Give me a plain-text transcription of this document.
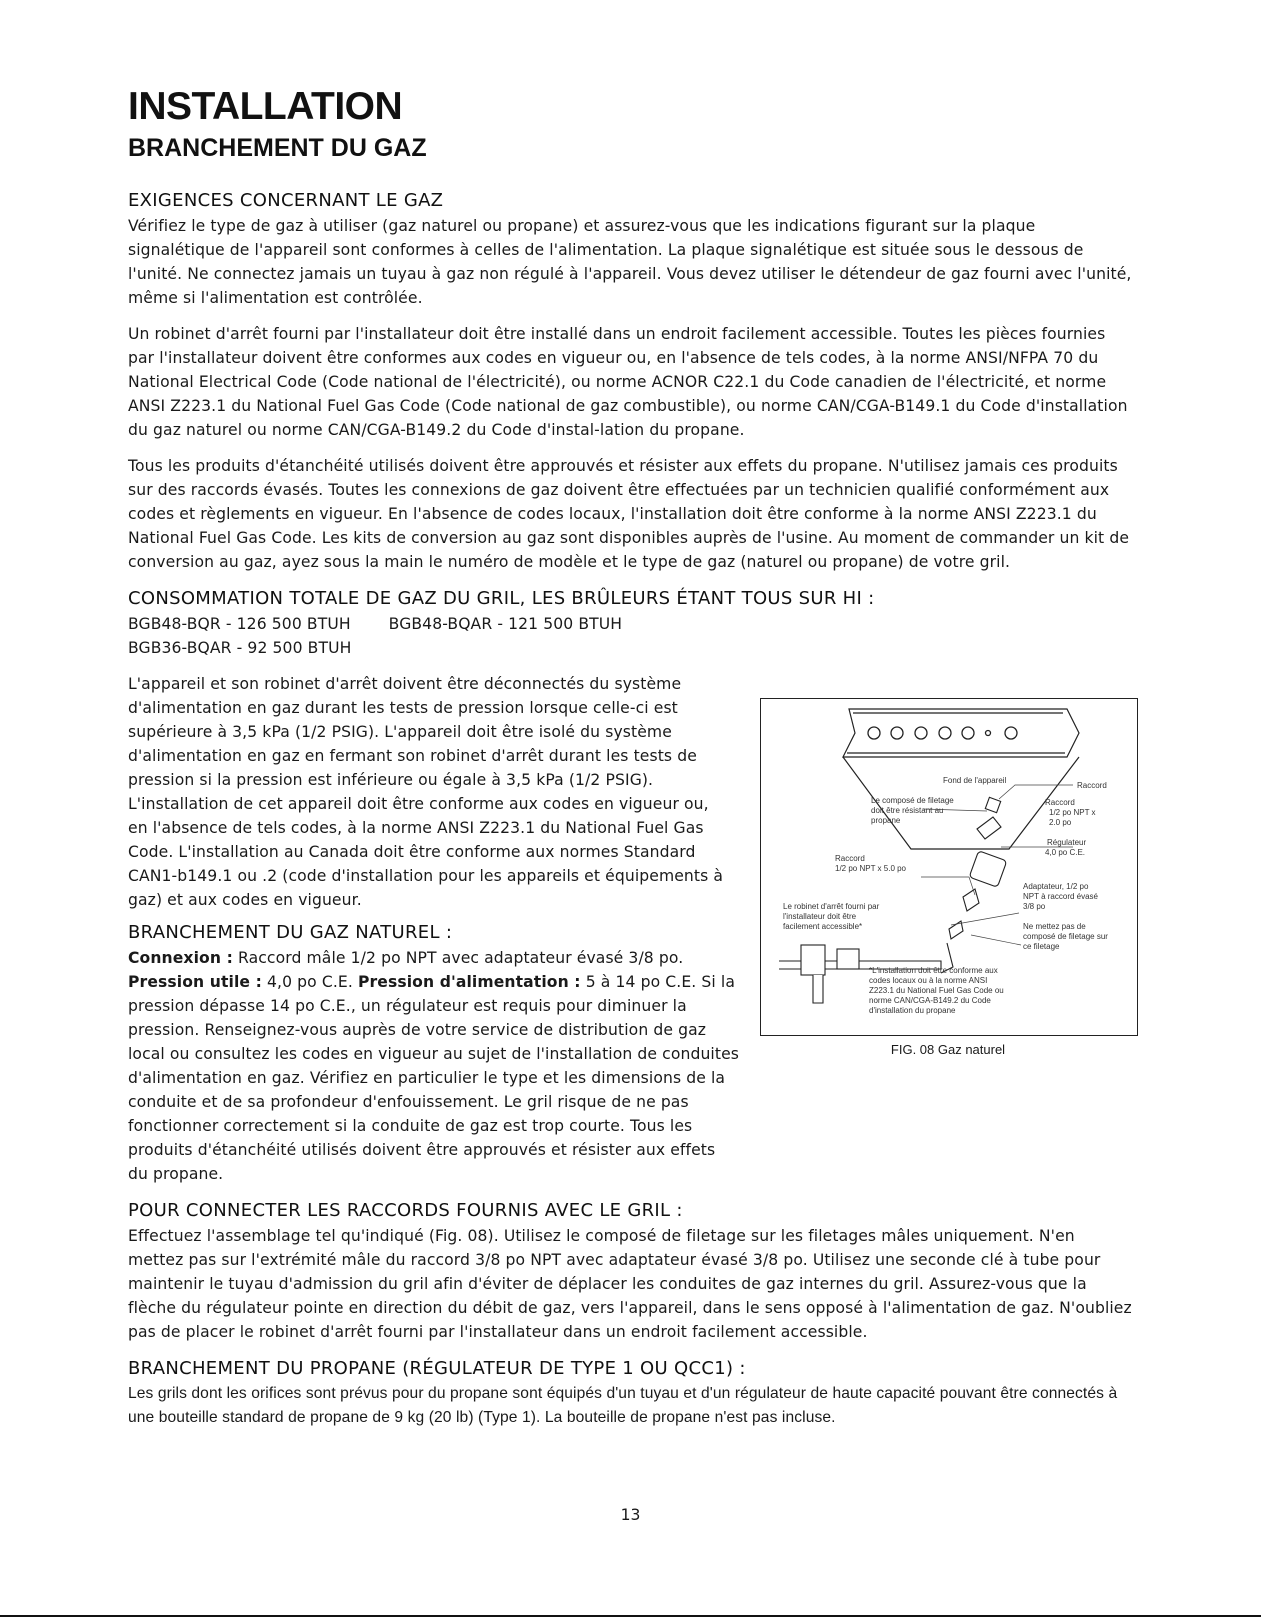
INSTALLATION
BRANCHEMENT DU GAZ
EXIGENCES CONCERNANT LE GAZ

Vérifiez le type de gaz à utiliser (gaz naturel ou propane) et assurez-vous que les indications figurant sur la plaque signalétique de l'appareil sont conformes à celles de l'alimentation. La plaque signalétique est située sous le dessous de l'unité. Ne connectez jamais un tuyau à gaz non régulé à l'appareil. Vous devez utiliser le détendeur de gaz fourni avec l'unité, même si l'alimentation est contrôlée.

Un robinet d'arrêt fourni par l'installateur doit être installé dans un endroit facilement accessible. Toutes les pièces fournies par l'installateur doivent être conformes aux codes en vigueur ou, en l'absence de tels codes, à la norme ANSI/NFPA 70 du National Electrical Code (Code national de l'électricité), ou norme ACNOR C22.1 du Code canadien de l'électricité, et norme ANSI Z223.1 du National Fuel Gas Code (Code national de gaz combustible), ou norme CAN/CGA-B149.1 du Code d'installation du gaz naturel ou norme CAN/CGA-B149.2 du Code d'instal-lation du propane.

Tous les produits d'étanchéité utilisés doivent être approuvés et résister aux effets du propane. N'utilisez jamais ces produits sur des raccords évasés. Toutes les connexions de gaz doivent être effectuées par un technicien qualifié conformément aux codes et règlements en vigueur. En l'absence de codes locaux, l'installation doit être conforme à la norme ANSI Z223.1 du National Fuel Gas Code. Les kits de conversion au gaz sont disponibles auprès de l'usine. Au moment de commander un kit de conversion au gaz, ayez sous la main le numéro de modèle et le type de gaz (naturel ou propane) de votre gril.

CONSOMMATION TOTALE DE GAZ DU GRIL, LES BRÛLEURS ÉTANT TOUS SUR HI :

BGB48-BQR - 126 500 BTUH BGB48-BQAR - 121 500 BTUH

BGB36-BQAR - 92 500 BTUH

L'appareil et son robinet d'arrêt doivent être déconnectés du système d'alimentation en gaz durant les tests de pression lorsque celle-ci est supérieure à 3,5 kPa (1/2 PSIG). L'appareil doit être isolé du système d'alimentation en gaz en fermant son robinet d'arrêt durant les tests de pression si la pression est inférieure ou égale à 3,5 kPa (1/2 PSIG). L'installation de cet appareil doit être conforme aux codes en vigueur ou, en l'absence de tels codes, à la norme ANSI Z223.1 du National Fuel Gas Code. L'installation au Canada doit être conforme aux normes Standard CAN1-b149.1 ou .2 (code d'installation pour les appareils et équipements à gaz) et aux codes en vigueur.

BRANCHEMENT DU GAZ NATUREL :

Connexion : Raccord mâle 1/2 po NPT avec adaptateur évasé 3/8 po. Pression utile : 4,0 po C.E. Pression d'alimentation : 5 à 14 po C.E. Si la pression dépasse 14 po C.E., un régulateur est requis pour diminuer la pression. Renseignez-vous auprès de votre service de distribution de gaz local ou consultez les codes en vigueur au sujet de l'installation de conduites d'alimentation en gaz. Vérifiez en particulier le type et les dimensions de la conduite et de sa profondeur d'enfouissement. Le gril risque de ne pas fonctionner correctement si la conduite de gaz est trop courte. Tous les produits d'étanchéité utilisés doivent être approuvés et résister aux effets du propane.

POUR CONNECTER LES RACCORDS FOURNIS AVEC LE GRIL :

Effectuez l'assemblage tel qu'indiqué (Fig. 08). Utilisez le composé de filetage sur les filetages mâles uniquement. N'en mettez pas sur l'extrémité mâle du raccord 3/8 po NPT avec adaptateur évasé 3/8 po. Utilisez une seconde clé à tube pour maintenir le tuyau d'admission du gril afin d'éviter de déplacer les conduites de gaz internes du gril. Assurez-vous que la flèche du régulateur pointe en direction du débit de gaz, vers l'appareil, dans le sens opposé à l'alimentation de gaz. N'oubliez pas de placer le robinet d'arrêt fourni par l'installateur dans un endroit facilement accessible.

BRANCHEMENT DU PROPANE (RÉGULATEUR DE TYPE 1 OU QCC1) :

Les grils dont les orifices sont prévus pour du propane sont équipés d'un tuyau et d'un régulateur de haute capacité pouvant être connectés à une bouteille standard de propane de 9 kg (20 lb) (Type 1). La bouteille de propane n'est pas incluse.

Fond de l'appareil
Raccord
Le composé de filetage
doit être résistant au
propane
Raccord
1/2 po NPT x
2.0 po
Régulateur
4,0 po C.E.
Raccord
1/2 po NPT x 5.0 po
Adaptateur, 1/2 po
NPT à raccord évasé
3/8 po
Le robinet d'arrêt fourni par
l'installateur doit être
facilement accessible*	Ne mettez pas de
composé de filetage sur
ce filetage
*L'installation doit être conforme aux
codes locaux ou à la norme ANSI
Z223.1 du National Fuel Gas Code ou
norme CAN/CGA-B149.2 du Code
d'installation du propane
FIG. 08 Gaz naturel
13
